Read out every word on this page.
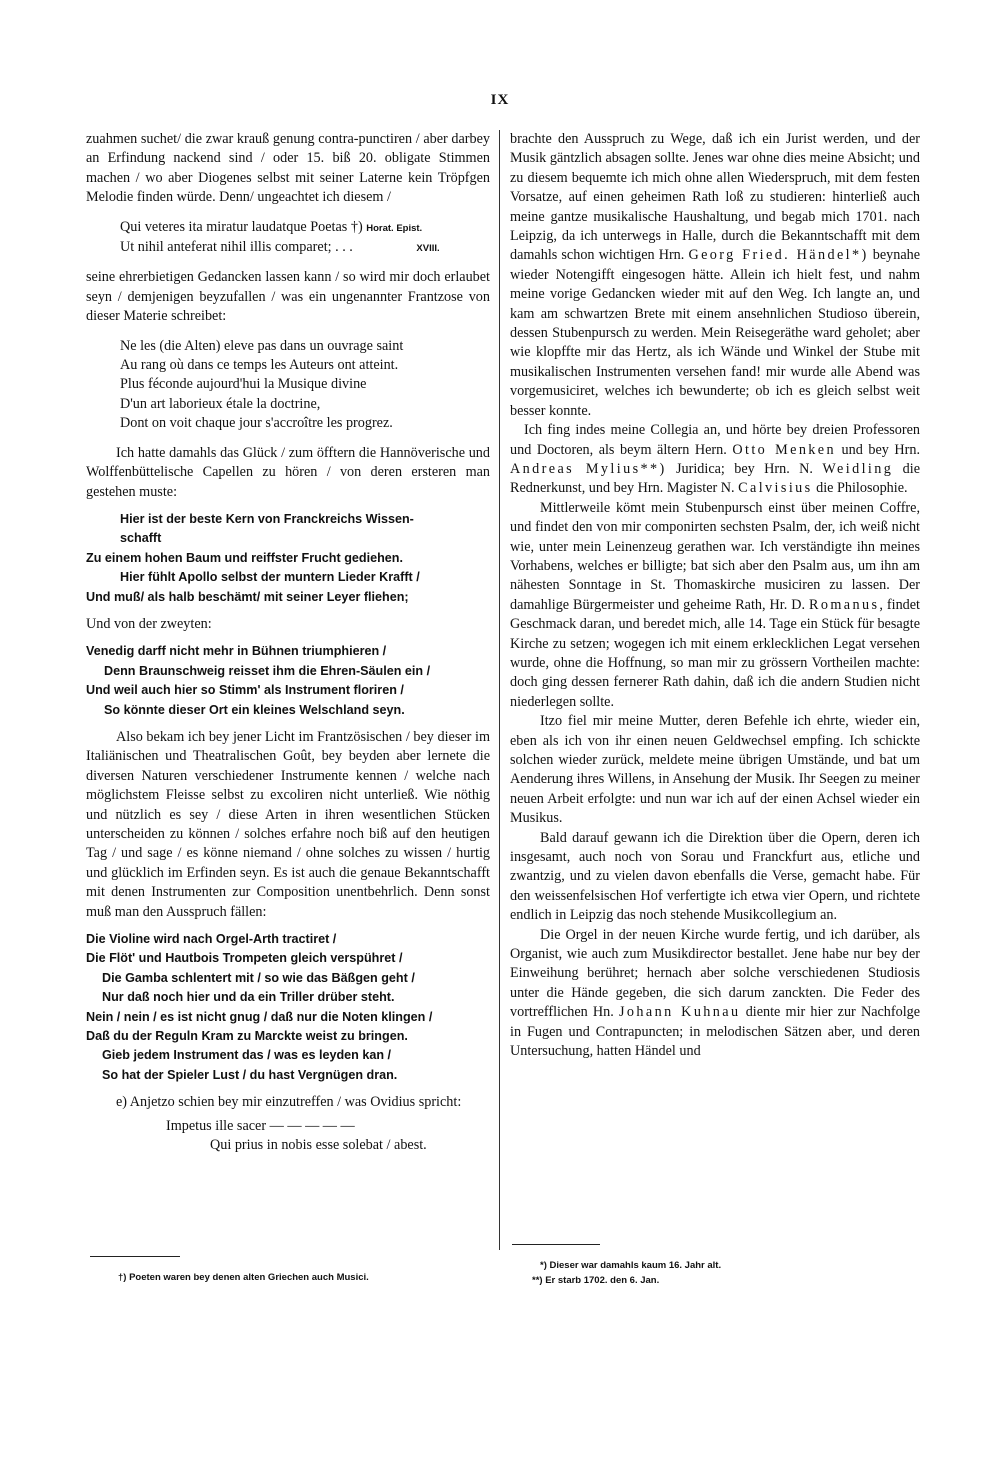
IX

zuahmen suchet/ die zwar krauß genung contra-punctiren / aber darbey an Erfindung nackend sind / oder 15. biß 20. obligate Stimmen machen / wo aber Diogenes selbst mit seiner Laterne kein Tröpfgen Melodie finden würde. Denn/ ungeachtet ich diesem /

Qui veteres ita miratur laudatque Poetas †) Horat. Epist.
Ut nihil anteferat nihil illis comparet; . . .	XVIII.

seine ehrerbietigen Gedancken lassen kann / so wird mir doch erlaubet seyn / demjenigen beyzufallen / was ein ungenannter Frantzose von dieser Materie schreibet:

Ne les (die Alten) eleve pas dans un ouvrage saint
Au rang où dans ce temps les Auteurs ont atteint.
Plus féconde aujourd'hui la Musique divine
D'un art laborieux étale la doctrine,
Dont on voit chaque jour s'accroître les progrez.

Ich hatte damahls das Glück / zum öfftern die Hannöverische und Wolffenbüttelische Capellen zu hören / von deren ersteren man gestehen muste:

Hier ist der beste Kern von Franckreichs Wissen-
schafft
Zu einem hohen Baum und reiffster Frucht gediehen.
Hier fühlt Apollo selbst der muntern Lieder Krafft /
Und muß/ als halb beschämt/ mit seiner Leyer fliehen;

Und von der zweyten:

Venedig darff nicht mehr in Bühnen triumphieren /
Denn Braunschweig reisset ihm die Ehren-Säulen ein /
Und weil auch hier so Stimm' als Instrument floriren /
So könnte dieser Ort ein kleines Welschland seyn.

Also bekam ich bey jener Licht im Frantzösischen / bey dieser im Italiänischen und Theatralischen Goût, bey beyden aber lernete die diversen Naturen verschiedener Instrumente kennen / welche nach möglichstem Fleisse selbst zu excoliren nicht unterließ. Wie nöthig und nützlich es sey / diese Arten in ihren wesentlichen Stücken unterscheiden zu können / solches erfahre noch biß auf den heutigen Tag / und sage / es könne niemand / ohne solches zu wissen / hurtig und glücklich im Erfinden seyn. Es ist auch die genaue Bekanntschafft mit denen Instrumenten zur Composition unentbehrlich. Denn sonst muß man den Ausspruch fällen:

Die Violine wird nach Orgel-Arth tractiret /
Die Flöt' und Hautbois Trompeten gleich verspühret /
Die Gamba schlentert mit / so wie das Bäßgen geht /
Nur daß noch hier und da ein Triller drüber steht.
Nein / nein / es ist nicht gnug / daß nur die Noten klingen /
Daß du der Reguln Kram zu Marckte weist zu bringen.
Gieb jedem Instrument das / was es leyden kan /
So hat der Spieler Lust / du hast Vergnügen dran.

e) Anjetzo schien bey mir einzutreffen / was Ovidius spricht:

Impetus ille sacer — — — — —
Qui prius in nobis esse solebat / abest.
†) Poeten waren bey denen alten Griechen auch Musici.

brachte den Ausspruch zu Wege, daß ich ein Jurist werden, und der Musik gäntzlich absagen sollte. Jenes war ohne dies meine Absicht; und zu diesem bequemte ich mich ohne allen Wiederspruch, mit dem festen Vorsatze, auf einen geheimen Rath loß zu studieren: hinterließ auch meine gantze musikalische Haushaltung, und begab mich 1701. nach Leipzig, da ich unterwegs in Halle, durch die Bekanntschafft mit dem damahls schon wichtigen Hrn. Georg Fried. Händel*) beynahe wieder Notengifft eingesogen hätte. Allein ich hielt fest, und nahm meine vorige Gedancken wieder mit auf den Weg. Ich langte an, und kam am schwartzen Brete mit einem ansehnlichen Studioso überein, dessen Stubenpursch zu werden. Mein Reisegeräthe ward geholet; aber wie klopffte mir das Hertz, als ich Wände und Winkel der Stube mit musikalischen Instrumenten versehen fand! mir wurde alle Abend was vorgemusiciret, welches ich bewunderte; ob ich es gleich selbst weit besser konnte.

Ich fing indes meine Collegia an, und hörte bey dreien Professoren und Doctoren, als beym ältern Hern. Otto Menken und bey Hrn. Andreas Mylius**) Juridica; bey Hrn. N. Weidling die Rednerkunst, und bey Hrn. Magister N. Calvisius die Philosophie.

Mittlerweile kömt mein Stubenpursch einst über meinen Coffre, und findet den von mir componirten sechsten Psalm, der, ich weiß nicht wie, unter mein Leinenzeug gerathen war. Ich verständigte ihn meines Vorhabens, welches er billigte; bat sich aber den Psalm aus, um ihn am nähesten Sonntage in St. Thomaskirche musiciren zu lassen. Der damahlige Bürgermeister und geheime Rath, Hr. D. Romanus, findet Geschmack daran, und beredet mich, alle 14. Tage ein Stück für besagte Kirche zu setzen; wogegen ich mit einem erklecklichen Legat versehen wurde, ohne die Hoffnung, so man mir zu grössern Vortheilen machte: doch ging dessen fernerer Rath dahin, daß ich die andern Studien nicht niederlegen sollte.

Itzo fiel mir meine Mutter, deren Befehle ich ehrte, wieder ein, eben als ich von ihr einen neuen Geldwechsel empfing. Ich schickte solchen wieder zurück, meldete meine übrigen Umstände, und bat um Aenderung ihres Willens, in Ansehung der Musik. Ihr Seegen zu meiner neuen Arbeit erfolgte: und nun war ich auf der einen Achsel wieder ein Musikus.

Bald darauf gewann ich die Direktion über die Opern, deren ich insgesamt, auch noch von Sorau und Franckfurt aus, etliche und zwantzig, und zu vielen davon ebenfalls die Verse, gemacht habe. Für den weissenfelsischen Hof verfertigte ich etwa vier Opern, und richtete endlich in Leipzig das noch stehende Musikcollegium an.

Die Orgel in der neuen Kirche wurde fertig, und ich darüber, als Organist, wie auch zum Musikdirector bestallet. Jene habe nur bey der Einweihung berühret; hernach aber solche verschiedenen Studiosis unter die Hände gegeben, die sich darum zanckten. Die Feder des vortrefflichen Hn. Johann Kuhnau diente mir hier zur Nachfolge in Fugen und Contrapuncten; in melodischen Sätzen aber, und deren Untersuchung, hatten Händel und

*) Dieser war damahls kaum 16. Jahr alt.
**) Er starb 1702. den 6. Jan.
